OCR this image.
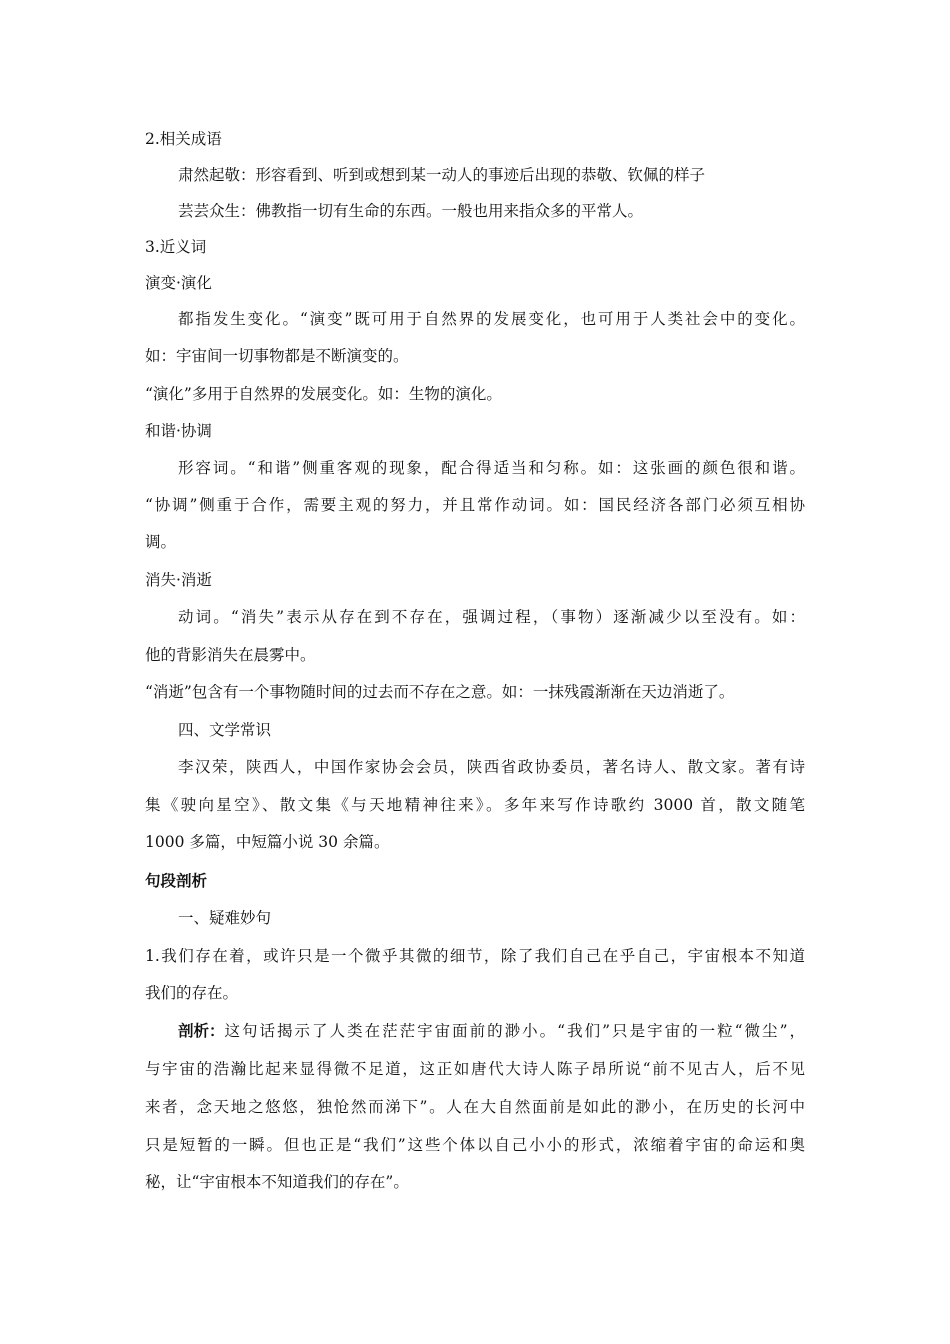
2.相关成语
肃然起敬：形容看到、听到或想到某一动人的事迹后出现的恭敬、钦佩的样子
芸芸众生：佛教指一切有生命的东西。一般也用来指众多的平常人。
3.近义词
演变·演化
都指发生变化。“演变”既可用于自然界的发展变化，也可用于人类社会中的变化。
如：宇宙间一切事物都是不断演变的。
“演化”多用于自然界的发展变化。如：生物的演化。
和谐·协调
形容词。“和谐”侧重客观的现象，配合得适当和匀称。如：这张画的颜色很和谐。
“协调”侧重于合作，需要主观的努力，并且常作动词。如：国民经济各部门必须互相协
调。
消失·消逝
动词。“消失”表示从存在到不存在，强调过程，（事物）逐渐减少以至没有。如：
他的背影消失在晨雾中。
“消逝”包含有一个事物随时间的过去而不存在之意。如：一抹残霞渐渐在天边消逝了。
四、文学常识
李汉荣，陕西人，中国作家协会会员，陕西省政协委员，著名诗人、散文家。著有诗
集《驶向星空》、散文集《与天地精神往来》。多年来写作诗歌约 3000 首，散文随笔
1000 多篇，中短篇小说 30 余篇。
句段剖析
一、疑难妙句
1.我们存在着，或许只是一个微乎其微的细节，除了我们自己在乎自己，宇宙根本不知道
我们的存在。
剖析： 这句话揭示了人类在茫茫宇宙面前的渺小。“我们”只是宇宙的一粒“微尘”，
与宇宙的浩瀚比起来显得微不足道，这正如唐代大诗人陈子昂所说“前不见古人，后不见
来者，念天地之悠悠，独怆然而涕下”。人在大自然面前是如此的渺小，在历史的长河中
只是短暂的一瞬。但也正是“我们”这些个体以自己小小的形式，浓缩着宇宙的命运和奥
秘，让“宇宙根本不知道我们的存在”。
